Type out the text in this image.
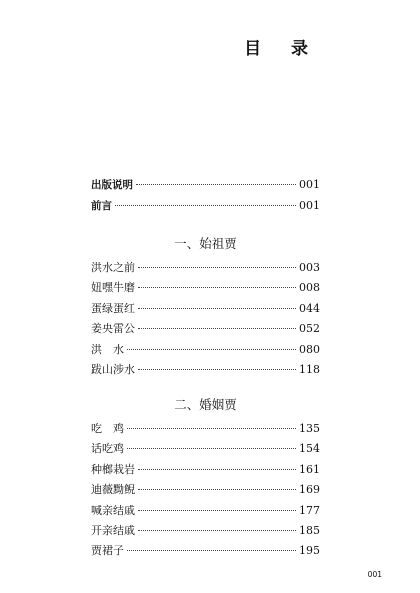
目 录
出版说明	001
前言	001
一、始祖贾
洪水之前	003
妞嘿牛磨	008
蛋绿蛋红	044
姜央雷公	052
洪　水	080
跋山涉水	118
二、婚姻贾
吃　鸡	135
话吃鸡	154
种榔栽岩	161
迪薇黝鲵	169
喊亲结戚	177
开亲结戚	185
贾裙子	195
001
